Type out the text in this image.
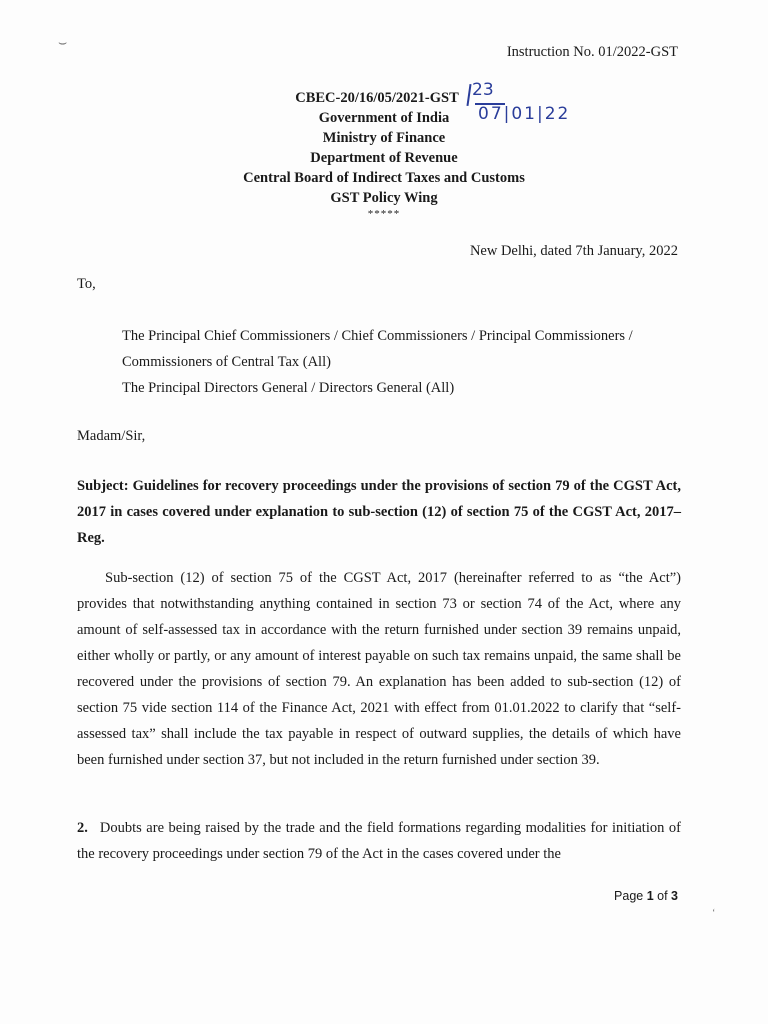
⌣
Instruction No. 01/2022-GST
23
07|01|22
CBEC-20/16/05/2021-GST
Government of India
Ministry of Finance
Department of Revenue
Central Board of Indirect Taxes and Customs
GST Policy Wing
*****
New Delhi, dated 7th January, 2022
To,
The Principal Chief Commissioners / Chief Commissioners / Principal Commissioners /
Commissioners of Central Tax (All)
The Principal Directors General / Directors General (All)
Madam/Sir,
Subject: Guidelines for recovery proceedings under the provisions of section 79 of the CGST Act, 2017 in cases covered under explanation to sub-section (12) of section 75 of the CGST Act, 2017–Reg.
Sub-section (12) of section 75 of the CGST Act, 2017 (hereinafter referred to as “the Act”) provides that notwithstanding anything contained in section 73 or section 74 of the Act, where any amount of self-assessed tax in accordance with the return furnished under section 39 remains unpaid, either wholly or partly, or any amount of interest payable on such tax remains unpaid, the same shall be recovered under the provisions of section 79. An explanation has been added to sub-section (12) of section 75 vide section 114 of the Finance Act, 2021 with effect from 01.01.2022 to clarify that “self-assessed tax” shall include the tax payable in respect of outward supplies, the details of which have been furnished under section 37, but not included in the return furnished under section 39.
2. Doubts are being raised by the trade and the field formations regarding modalities for initiation of the recovery proceedings under section 79 of the Act in the cases covered under the
Page 1 of 3
ʻ
